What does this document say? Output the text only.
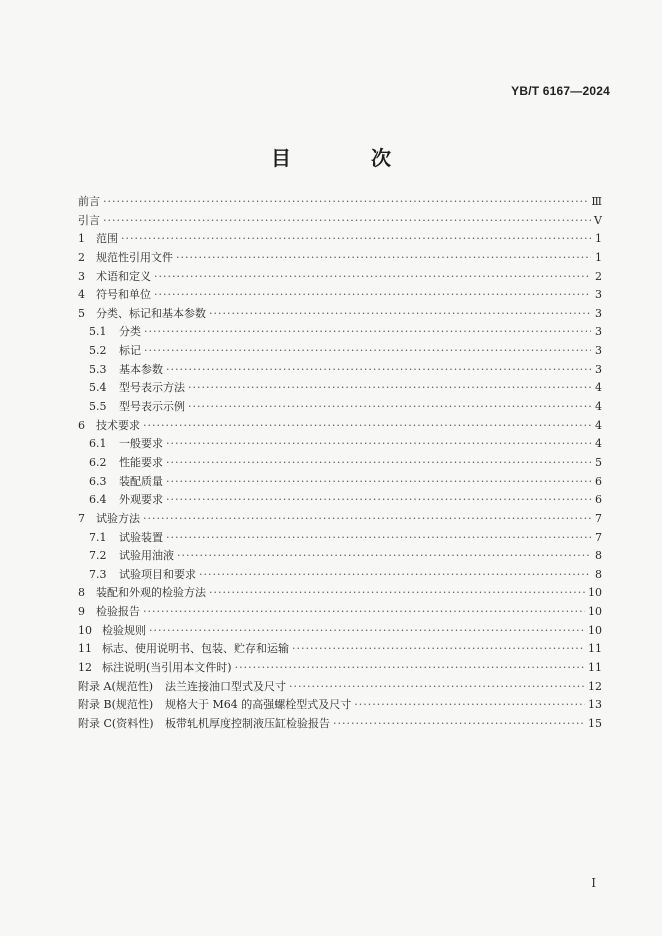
YB/T 6167—2024
目　次
前言 ·····	Ⅲ
引言 ·····	Ⅴ
1	范围 ·····	1
2	规范性引用文件 ·····	1
3	术语和定义 ·····	2
4	符号和单位 ·····	3
5	分类、标记和基本参数 ·····	3
5.1	分类 ·····	3
5.2	标记 ·····	3
5.3	基本参数 ·····	3
5.4	型号表示方法 ·····	4
5.5	型号表示示例 ·····	4
6	技术要求 ·····	4
6.1	一般要求 ·····	4
6.2	性能要求 ·····	5
6.3	装配质量 ·····	6
6.4	外观要求 ·····	6
7	试验方法 ·····	7
7.1	试验装置 ·····	7
7.2	试验用油液 ·····	8
7.3	试验项目和要求 ·····	8
8	装配和外观的检验方法 ·····	10
9	检验报告 ·····	10
10 检验规则 ·····	10
11 标志、使用说明书、包装、贮存和运输 ·····	11
12 标注说明(当引用本文件时) ·····	11
附录 A(规范性)	法兰连接油口型式及尺寸 ·····	12
附录 B(规范性)	规格大于 M64 的高强螺栓型式及尺寸 ·····	13
附录 C(资料性)	板带轧机厚度控制液压缸检验报告 ·····	15
Ⅰ
